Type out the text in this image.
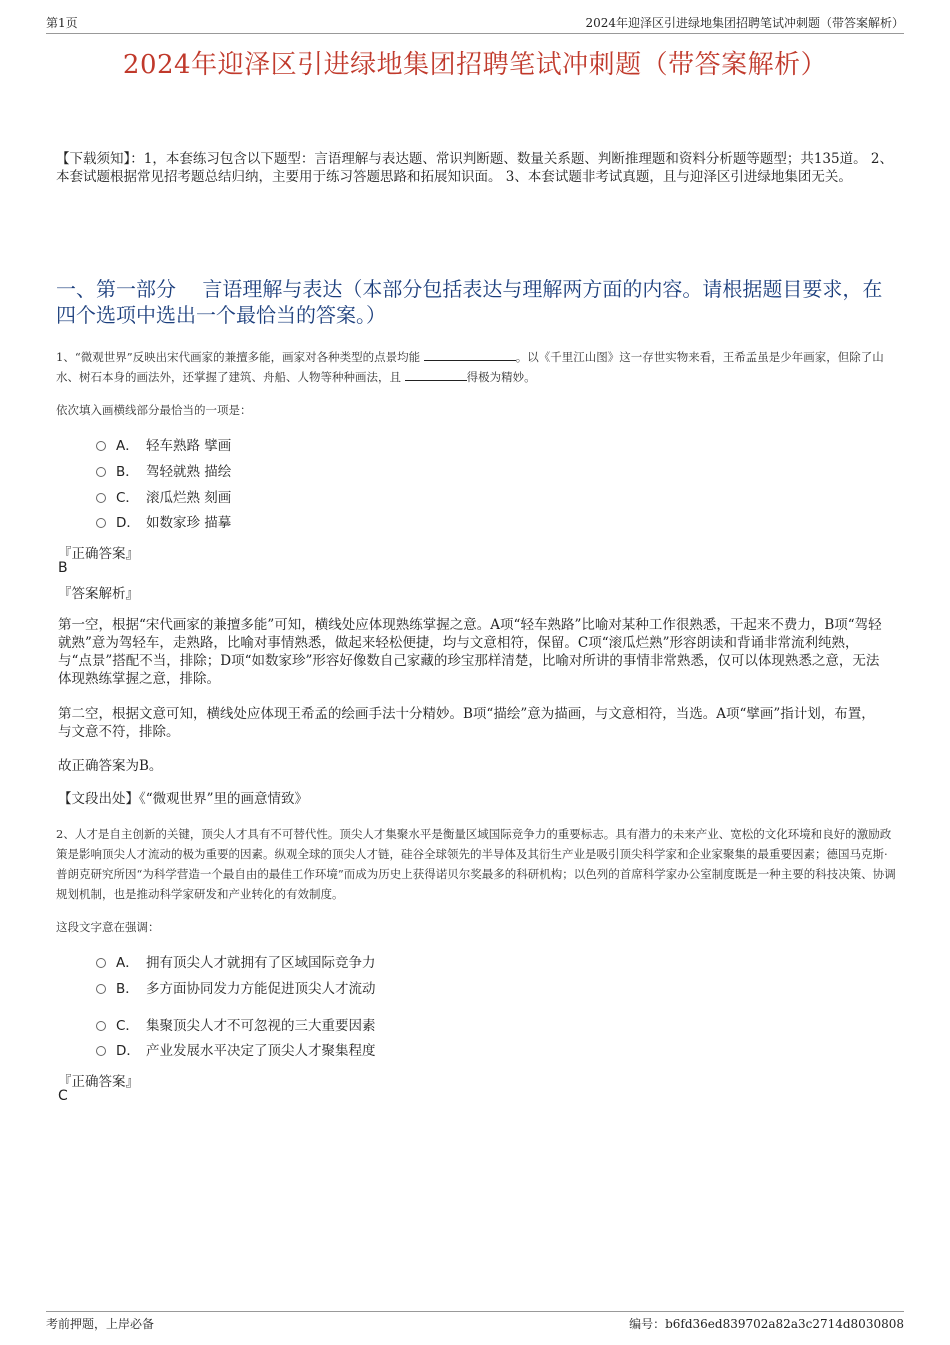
第1页	2024年迎泽区引进绿地集团招聘笔试冲刺题（带答案解析）
2024年迎泽区引进绿地集团招聘笔试冲刺题（带答案解析）
【下载须知】：1，本套练习包含以下题型：言语理解与表达题、常识判断题、数量关系题、判断推理题和资料分析题等题型；共135道。 2、本套试题根据常见招考题总结归纳，主要用于练习答题思路和拓展知识面。 3、本套试题非考试真题，且与迎泽区引进绿地集团无关。
一、第一部分　 言语理解与表达（本部分包括表达与理解两方面的内容。请根据题目要求，在四个选项中选出一个最恰当的答案。）
1、“微观世界”反映出宋代画家的兼擅多能，画家对各种类型的点景均能	。以《千里江山图》这一存世实物来看，王希孟虽是少年画家，但除了山水、树石本身的画法外，还掌握了建筑、舟船、人物等种种画法，且	得极为精妙。
依次填入画横线部分最恰当的一项是：
A． 轻车熟路 擘画
B． 驾轻就熟 描绘
C． 滚瓜烂熟 刻画
D． 如数家珍 描摹
『正确答案』
B
『答案解析』
第一空，根据“宋代画家的兼擅多能”可知，横线处应体现熟练掌握之意。A项“轻车熟路”比喻对某种工作很熟悉，干起来不费力，B项“驾轻就熟”意为驾轻车，走熟路，比喻对事情熟悉，做起来轻松便捷，均与文意相符，保留。C项“滚瓜烂熟”形容朗读和背诵非常流利纯熟，与“点景”搭配不当，排除；D项“如数家珍”形容好像数自己家藏的珍宝那样清楚，比喻对所讲的事情非常熟悉，仅可以体现熟悉之意，无法体现熟练掌握之意，排除。
第二空，根据文意可知，横线处应体现王希孟的绘画手法十分精妙。B项“描绘”意为描画，与文意相符，当选。A项“擘画”指计划，布置，与文意不符，排除。
故正确答案为B。
【文段出处】《“微观世界”里的画意情致》
2、人才是自主创新的关键，顶尖人才具有不可替代性。顶尖人才集聚水平是衡量区域国际竞争力的重要标志。具有潜力的未来产业、宽松的文化环境和良好的激励政策是影响顶尖人才流动的极为重要的因素。纵观全球的顶尖人才链，硅谷全球领先的半导体及其衍生产业是吸引顶尖科学家和企业家聚集的最重要因素；德国马克斯·普朗克研究所因“为科学营造一个最自由的最佳工作环境”而成为历史上获得诺贝尔奖最多的科研机构；以色列的首席科学家办公室制度既是一种主要的科技决策、协调规划机制，也是推动科学家研发和产业转化的有效制度。
这段文字意在强调：
A． 拥有顶尖人才就拥有了区域国际竞争力
B． 多方面协同发力方能促进顶尖人才流动
C． 集聚顶尖人才不可忽视的三大重要因素
D． 产业发展水平决定了顶尖人才聚集程度
『正确答案』
C
考前押题，上岸必备	编号：b6fd36ed839702a82a3c2714d8030808
